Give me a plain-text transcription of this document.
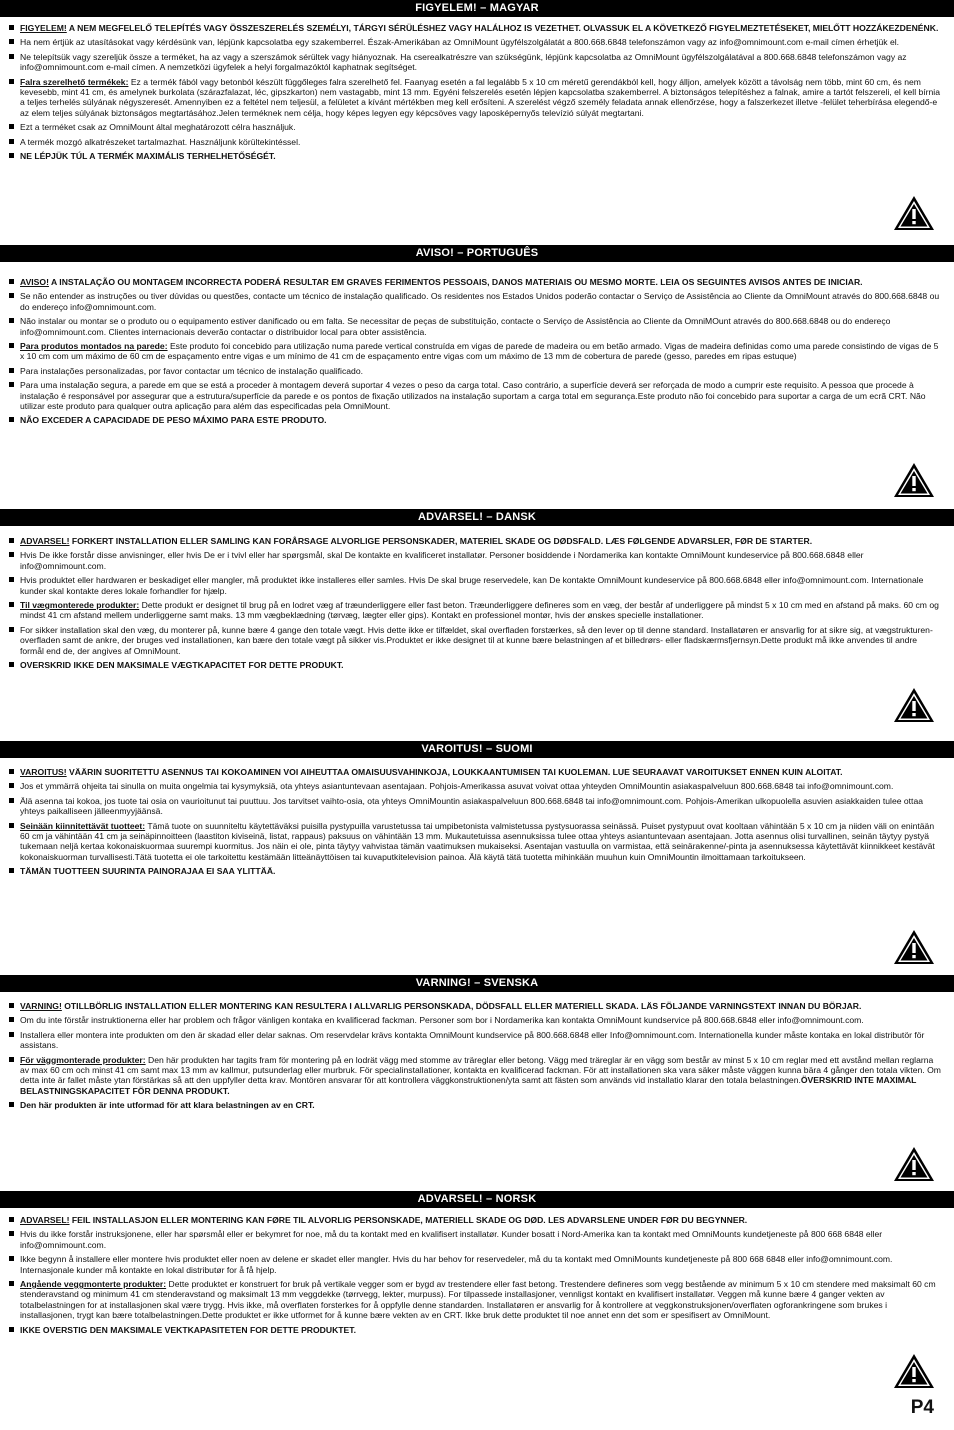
FIGYELEM! – MAGYAR
FIGYELEM! A NEM MEGFELELŐ TELEPÍTÉS VAGY ÖSSZESZERELÉS SZEMÉLYI, TÁRGYI SÉRÜLÉSHEZ VAGY HALÁLHOZ IS VEZETHET. OLVASSUK EL A KÖVETKEZŐ FIGYELMEZTETÉSEKET, MIELŐTT HOZZÁKEZDENÉNK.
Ha nem értjük az utasításokat vagy kérdésünk van, lépjünk kapcsolatba egy szakemberrel. Észak-Amerikában az OmniMount ügyfélszolgálatát a 800.668.6848 telefonszámon vagy az info@omnimount.com e-mail címen érhetjük el.
Ne telepítsük vagy szereljük össze a terméket, ha az vagy a szerszámok sérültek vagy hiányoznak. Ha cserealkatrészre van szükségünk, lépjünk kapcsolatba az OmniMount ügyfélszolgálatával a 800.668.6848 telefonszámon vagy az info@omnimount.com e-mail címen. A nemzetközi ügyfelek a helyi forgalmazóktól kaphatnak segítséget.
Falra szerelhető termékek: Ez a termék fából vagy betonból készült függőleges falra szerelhető fel. Faanyag esetén a fal legalább 5 x 10 cm méretű gerendákból kell, hogy álljon, amelyek között a távolság nem több, mint 60 cm, és nem kevesebb, mint 41 cm, és amelynek burkolata (szárazfalazat, léc, gipszkarton) nem vastagabb, mint 13 mm. Egyéni felszerelés esetén lépjen kapcsolatba szakemberrel. A biztonságos telepítéshez a falnak, amire a tartót felszereli, el kell bírnia a teljes terhelés súlyának négyszeresét. Amennyiben ez a feltétel nem teljesül, a felületet a kívánt mértékben meg kell erősíteni. A szerelést végző személy feladata annak ellenőrzése, hogy a falszerkezet illetve -felület teherbírása elegendő-e az elem teljes súlyának biztonságos megtartásához.Jelen terméknek nem célja, hogy képes legyen egy képcsöves vagy laposképernyős televízió súlyát megtartani.
Ezt a terméket csak az OmniMount által meghatározott célra használjuk.
A termék mozgó alkatrészeket tartalmazhat. Használjunk körültekintéssel.
NE LÉPJÜK TÚL A TERMÉK MAXIMÁLIS TERHELHETŐSÉGÉT.
AVISO! – PORTUGUÊS
AVISO! A INSTALAÇÃO OU MONTAGEM INCORRECTA PODERÁ RESULTAR EM GRAVES FERIMENTOS PESSOAIS, DANOS MATERIAIS OU MESMO MORTE. LEIA OS SEGUINTES AVISOS ANTES DE INICIAR.
Se não entender as instruções ou tiver dúvidas ou questões, contacte um técnico de instalação qualificado. Os residentes nos Estados Unidos poderão contactar o Serviço de Assistência ao Cliente da OmniMount através do 800.668.6848 ou do endereço info@omnimount.com.
Não instalar ou montar se o produto ou o equipamento estiver danificado ou em falta. Se necessitar de peças de substituição, contacte o Serviço de Assistência ao Cliente da OmniMOunt através do 800.668.6848 ou do endereço info@omnimount.com. Clientes internacionais deverão contactar o distribuidor local para obter assistência.
Para produtos montados na parede: Este produto foi concebido para utilização numa parede vertical construída em vigas de parede de madeira ou em betão armado. Vigas de madeira definidas como uma parede consistindo de vigas de 5 x 10 cm com um máximo de 60 cm de espaçamento entre vigas e um mínimo de 41 cm de espaçamento entre vigas com um máximo de 13 mm de cobertura de parede (gesso, paredes em ripas estuque)
Para instalações personalizadas, por favor contactar um técnico de instalação qualificado.
Para uma instalação segura, a parede em que se está a proceder à montagem deverá suportar 4 vezes o peso da carga total. Caso contrário, a superfície deverá ser reforçada de modo a cumprir este requisito. A pessoa que procede à instalação é responsável por assegurar que a estrutura/superfície da parede e os pontos de fixação utilizados na instalação suportam a carga total em segurança.Este produto não foi concebido para suportar a carga de um ecrã CRT. Não utilizar este produto para qualquer outra aplicação para além das especificadas pela OmniMount.
NÃO EXCEDER A CAPACIDADE DE PESO MÁXIMO PARA ESTE PRODUTO.
ADVARSEL! – DANSK
ADVARSEL! FORKERT INSTALLATION ELLER SAMLING KAN FORÅRSAGE ALVORLIGE PERSONSKADER, MATERIEL SKADE OG DØDSFALD. LÆS FØLGENDE ADVARSLER, FØR DE STARTER.
Hvis De ikke forstår disse anvisninger, eller hvis De er i tvivl eller har spørgsmål, skal De kontakte en kvalificeret installatør. Personer bosiddende i Nordamerika kan kontakte OmniMount kundeservice på 800.668.6848 eller info@omnimount.com.
Hvis produktet eller hardwaren er beskadiget eller mangler, må produktet ikke installeres eller samles. Hvis De skal bruge reservedele, kan De kontakte OmniMount kundeservice på 800.668.6848 eller info@omnimount.com. Internationale kunder skal kontakte deres lokale forhandler for hjælp.
Til vægmonterede produkter: Dette produkt er designet til brug på en lodret væg af træunderliggere eller fast beton. Træunderliggere defineres som en væg, der består af underliggere på mindst 5 x 10 cm med en afstand på maks. 60 cm og mindst 41 cm afstand mellem underliggerne samt maks. 13 mm vægbeklædning (tørvæg, lægter eller gips). Kontakt en professionel montør, hvis der ønskes specielle installationer.
For sikker installation skal den væg, du monterer på, kunne bære 4 gange den totale vægt. Hvis dette ikke er tilfældet, skal overfladen forstærkes, så den lever op til denne standard. Installatøren er ansvarlig for at sikre sig, at vægstrukturen-overfladen samt de ankre, der bruges ved installationen, kan bære den totale vægt på sikker vis.Produktet er ikke designet til at kunne bære belastningen af et billedrørs- eller fladskærmsfjernsyn.Dette produkt må ikke anvendes til andre formål end de, der angives af OmniMount.
OVERSKRID IKKE DEN MAKSIMALE VÆGTKAPACITET FOR DETTE PRODUKT.
VAROITUS! – SUOMI
VAROITUS! VÄÄRIN SUORITETTU ASENNUS TAI KOKOAMINEN VOI AIHEUTTAA OMAISUUSVAHINKOJA, LOUKKAANTUMISEN TAI KUOLEMAN. LUE SEURAAVAT VAROITUKSET ENNEN KUIN ALOITAT.
Jos et ymmärrä ohjeita tai sinulla on muita ongelmia tai kysymyksiä, ota yhteys asiantuntevaan asentajaan. Pohjois-Amerikassa asuvat voivat ottaa yhteyden OmniMountin asiakaspalveluun 800.668.6848 tai info@omnimount.com.
Älä asenna tai kokoa, jos tuote tai osia on vaurioitunut tai puuttuu. Jos tarvitset vaihto-osia, ota yhteys OmniMountin asiakaspalveluun 800.668.6848 tai info@omnimount.com. Pohjois-Amerikan ulkopuolella asuvien asiakkaiden tulee ottaa yhteys paikalliseen jälleenmyyjäänsä.
Seinään kiinnitettävät tuotteet: Tämä tuote on suunniteltu käytettäväksi puisilla pystypuilla varustetussa tai umpibetonista valmistetussa pystysuorassa seinässä. Puiset pystypuut ovat kooltaan vähintään 5 x 10 cm ja niiden väli on enintään 60 cm ja vähintään 41 cm ja seinäpinnoitteen (laastiton kiviseinä, listat, rappaus) paksuus on vähintään 13 mm. Mukautetuissa asennuksissa tulee ottaa yhteys asiantuntevaan asentajaan. Jotta asennus olisi turvallinen, seinän täytyy pystyä tukemaan neljä kertaa kokonaiskuormaa suurempi kuormitus. Jos näin ei ole, pinta täytyy vahvistaa tämän vaatimuksen mukaiseksi. Asentajan vastuulla on varmistaa, että seinärakenne/-pinta ja asennuksessa käytettävät kiinnikkeet kestävät kokonaiskuorman turvallisesti.Tätä tuotetta ei ole tarkoitettu kestämään litteänäyttöisen tai kuvaputkitelevision painoa. Älä käytä tätä tuotetta mihinkään muuhun kuin OmniMountin ilmoittamaan tarkoitukseen.
TÄMÄN TUOTTEEN SUURINTA PAINORAJAA EI SAA YLITTÄÄ.
VARNING! – SVENSKA
VARNING! OTILLBÖRLIG INSTALLATION ELLER MONTERING KAN RESULTERA I ALLVARLIG PERSONSKADA, DÖDSFALL ELLER MATERIELL SKADA. LÄS FÖLJANDE VARNINGSTEXT INNAN DU BÖRJAR.
Om du inte förstår instruktionerna eller har problem och frågor vänligen kontaka en kvalificerad fackman. Personer som bor i Nordamerika kan kontakta OmniMount kundservice på 800.668.6848 eller info@omnimount.com.
Installera eller montera inte produkten om den är skadad eller delar saknas. Om reservdelar krävs kontakta OmniMount kundservice på 800.668.6848 eller Info@omnimount.com. Internationella kunder måste kontaka en lokal distributör för assistans.
För väggmonterade produkter: Den här produkten har tagits fram för montering på en lodrät vägg med stomme av träreglar eller betong. Vägg med träreglar är en vägg som består av minst 5 x 10 cm reglar med ett avstånd mellan reglarna av max 60 cm och minst 41 cm samt max 13 mm av kallmur, putsunderlag eller murbruk. För specialinstallationer, kontakta en kvalificerad fackman. För att installationen ska vara säker måste väggen kunna bära 4 gånger den totala vikten. Om detta inte är fallet måste ytan förstärkas så att den uppfyller detta krav. Montören ansvarar för att kontrollera väggkonstruktionen/yta samt att fästen som används vid installatio klarar den totala belastningen.ÖVERSKRID INTE MAXIMAL BELASTNINGSKAPACITET FÖR DENNA PRODUKT.
Den här produkten är inte utformad för att klara belastningen av en CRT.
ADVARSEL! – NORSK
ADVARSEL! FEIL INSTALLASJON ELLER MONTERING KAN FØRE TIL ALVORLIG PERSONSKADE, MATERIELL SKADE OG DØD. LES ADVARSLENE UNDER FØR DU BEGYNNER.
Hvis du ikke forstår instruksjonene, eller har spørsmål eller er bekymret for noe, må du ta kontakt med en kvalifisert installatør. Kunder bosatt i Nord-Amerika kan ta kontakt med OmniMounts kundetjeneste på 800 668 6848 eller info@omnimount.com.
Ikke begynn å installere eller montere hvis produktet eller noen av delene er skadet eller mangler. Hvis du har behov for reservedeler, må du ta kontakt med OmniMounts kundetjeneste på 800 668 6848 eller info@omnimount.com. Internasjonale kunder må kontakte en lokal distributør for å få hjelp.
Angående veggmonterte produkter: Dette produktet er konstruert for bruk på vertikale vegger som er bygd av trestendere eller fast betong. Trestendere defineres som vegg bestående av minimum 5 x 10 cm stendere med maksimalt 60 cm stenderavstand og minimum 41 cm stenderavstand og maksimalt 13 mm veggdekke (tørrvegg, lekter, murpuss). For tilpassede installasjoner, vennligst kontakt en kvalifisert installatør. Veggen må kunne bære 4 ganger vekten av totalbelastningen for at installasjonen skal være trygg. Hvis ikke, må overflaten forsterkes for å oppfylle denne standarden. Installatøren er ansvarlig for å kontrollere at veggkonstruksjonen/overflaten ogforankringene som brukes i installasjonen, trygt kan bære totalbelastningen.Dette produktet er ikke utformet for å kunne bære vekten av en CRT. Ikke bruk dette produktet til noe annet enn det som er spesifisert av OmniMount.
IKKE OVERSTIG DEN MAKSIMALE VEKTKAPASITETEN FOR DETTE PRODUKTET.
P4
